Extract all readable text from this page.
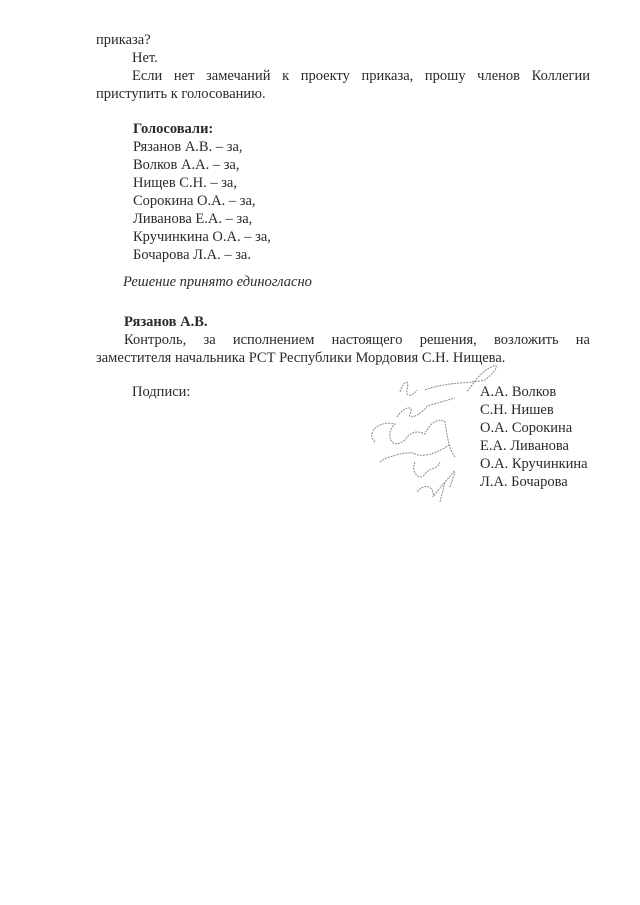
приказа?
Нет.
Если нет замечаний к проекту приказа, прошу членов Коллегии
приступить к голосованию.
Голосовали:
Рязанов А.В. – за,
Волков А.А. – за,
Нищев С.Н. – за,
Сорокина О.А. – за,
Ливанова Е.А. – за,
Кручинкина О.А. – за,
Бочарова Л.А. – за.
Решение принято единогласно
Рязанов А.В.
Контроль, за исполнением настоящего решения, возложить на
заместителя начальника РСТ Республики Мордовия С.Н. Нищева.
Подписи:	А.А. Волков
С.Н. Нишев
О.А. Сорокина
Е.А. Ливанова
О.А. Кручинкина
Л.А. Бочарова
